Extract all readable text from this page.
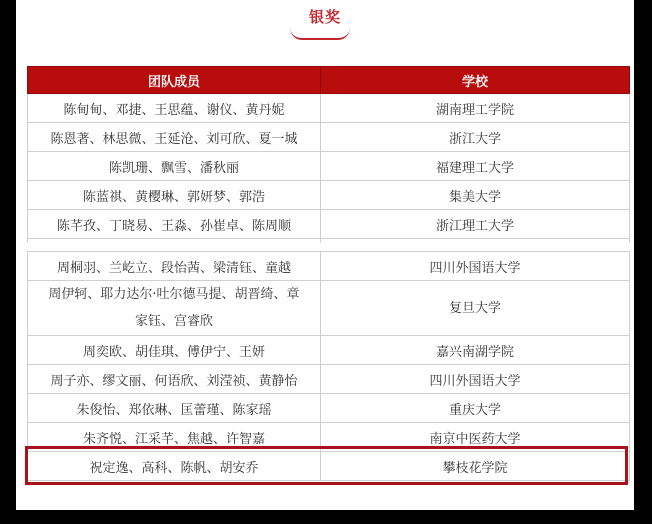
银奖
团队成员	学校
陈甸甸、邓捷、王思蕴、谢仪、黄丹妮	湖南理工学院
陈恩著、林思微、王延沧、刘可欣、夏一城	浙江大学
陈凯珊、飘雪、潘秋丽	福建理工大学
陈蓝祺、黄樱琳、郭妍梦、郭浩	集美大学
陈芊孜、丁晓易、王淼、孙崔卓、陈周顺	浙江理工大学

周桐羽、兰屹立、段怡茜、梁清钰、童越	四川外国语大学

周伊轲、耶力达尔·吐尔德马提、胡晋绮、章
家钰、宫睿欣	复旦大学
周奕欧、胡佳琪、傅伊宁、王妍	嘉兴南湖学院
周子亦、缪文丽、何语欣、刘滢祯、黄静怡	四川外国语大学
朱俊怡、郑依琳、匡蕾瑾、陈家瑶	重庆大学
朱齐悦、江采芊、焦越、许智嘉	南京中医药大学
祝定逸、高科、陈帆、胡安乔	攀枝花学院
